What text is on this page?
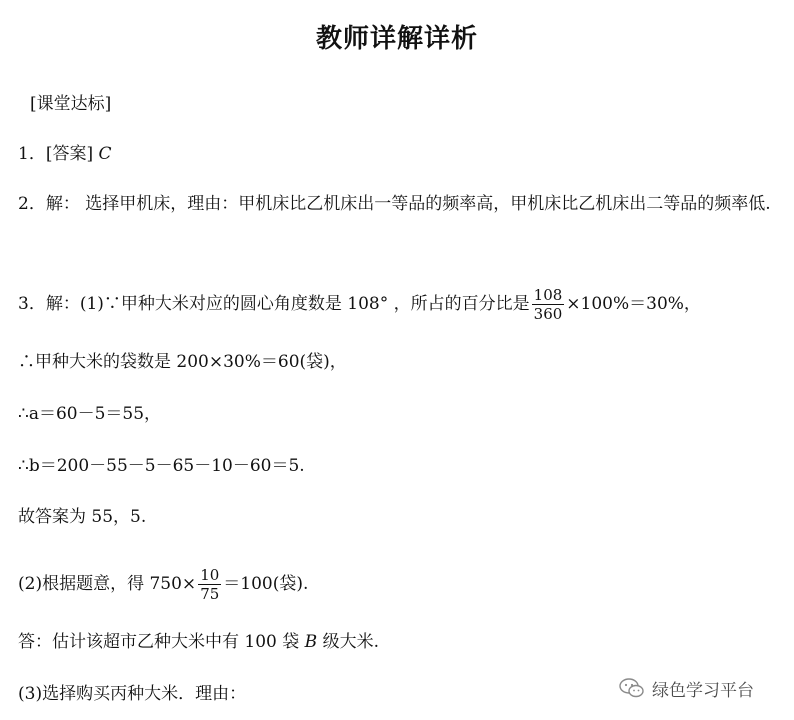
教师详解详析
[课堂达标]
1．[答案] C
2．解： 选择甲机床，理由：甲机床比乙机床出一等品的频率高，甲机床比乙机床出二等品的频率低.
3．解：(1)∵甲种大米对应的圆心角度数是 108° ，所占的百分比是 $\frac{108}{360} \times 100\%=30\%$，
∴甲种大米的袋数是 200×30%＝60(袋)，
∴a＝60－5＝55，
∴b＝200－55－5－65－10－60＝5.
故答案为 55，5.
(2)根据题意，得 $750\times \frac{10}{75} =100$(袋).
答：估计该超市乙种大米中有 100 袋 B 级大米.
(3)选择购买丙种大米．理由：	绿色学习平台
